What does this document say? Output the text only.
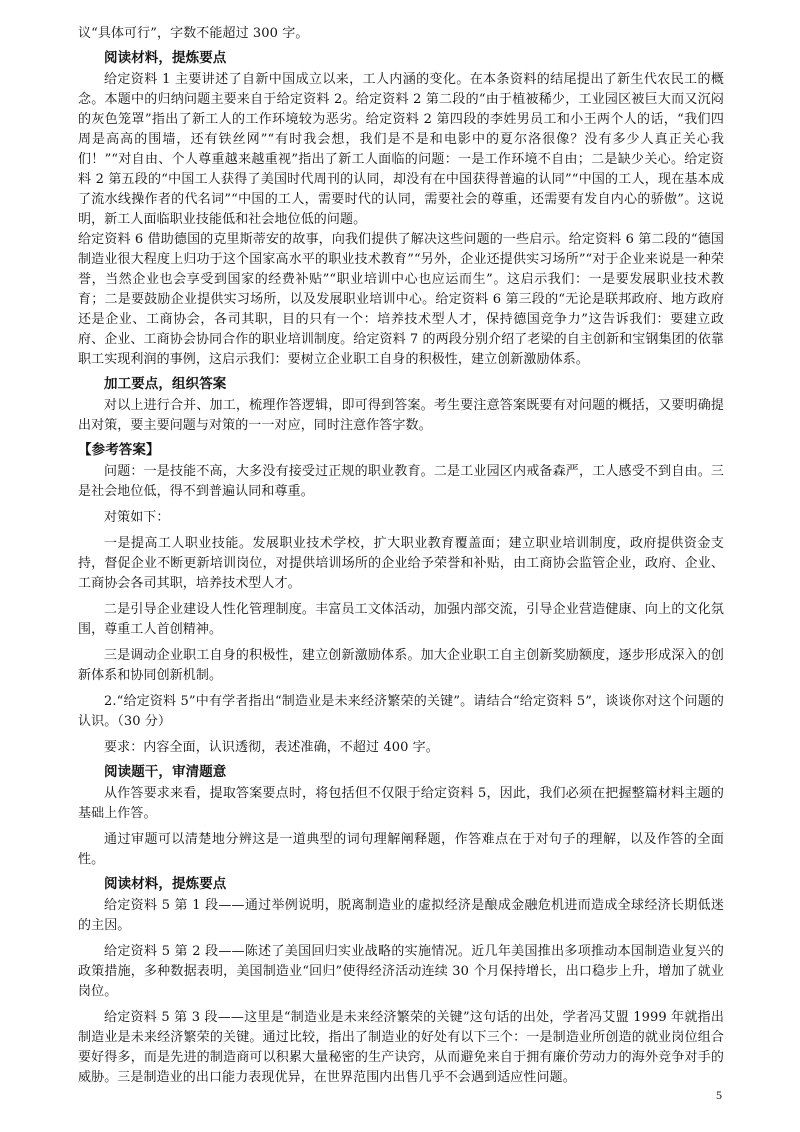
议“具体可行”，字数不能超过 300 字。

阅读材料，提炼要点

给定资料 1 主要讲述了自新中国成立以来，工人内涵的变化。在本条资料的结尾提出了新生代农民工的概念。本题中的归纳问题主要来自于给定资料 2。给定资料 2 第二段的“由于植被稀少，工业园区被巨大而又沉闷的灰色笼罩”指出了新工人的工作环境较为恶劣。给定资料 2 第四段的李姓男员工和小王两个人的话，“我们四周是高高的围墙，还有铁丝网”“有时我会想，我们是不是和电影中的夏尔洛很像？没有多少人真正关心我们！”“对自由、个人尊重越来越重视”指出了新工人面临的问题：一是工作环境不自由；二是缺少关心。给定资料 2 第五段的“中国工人获得了美国时代周刊的认同，却没有在中国获得普遍的认同”“中国的工人，现在基本成了流水线操作者的代名词”“中国的工人，需要时代的认同，需要社会的尊重，还需要有发自内心的骄傲”。这说明，新工人面临职业技能低和社会地位低的问题。

给定资料 6 借助德国的克里斯蒂安的故事，向我们提供了解决这些问题的一些启示。给定资料 6 第二段的“德国制造业很大程度上归功于这个国家高水平的职业技术教育”“另外，企业还提供实习场所”“对于企业来说是一种荣誉，当然企业也会享受到国家的经费补贴”“职业培训中心也应运而生”。这启示我们：一是要发展职业技术教育；二是要鼓励企业提供实习场所，以及发展职业培训中心。给定资料 6 第三段的“无论是联邦政府、地方政府还是企业、工商协会，各司其职，目的只有一个：培养技术型人才，保持德国竞争力”这告诉我们：要建立政府、企业、工商协会协同合作的职业培训制度。给定资料 7 的两段分别介绍了老梁的自主创新和宝钢集团的依靠职工实现利润的事例，这启示我们：要树立企业职工自身的积极性，建立创新激励体系。

加工要点，组织答案

对以上进行合并、加工，梳理作答逻辑，即可得到答案。考生要注意答案既要有对问题的概括，又要明确提出对策，要主要问题与对策的一一对应，同时注意作答字数。

【参考答案】

问题：一是技能不高，大多没有接受过正规的职业教育。二是工业园区内戒备森严，工人感受不到自由。三是社会地位低，得不到普遍认同和尊重。

对策如下：

一是提高工人职业技能。发展职业技术学校，扩大职业教育覆盖面；建立职业培训制度，政府提供资金支持，督促企业不断更新培训岗位，对提供培训场所的企业给予荣誉和补贴，由工商协会监管企业，政府、企业、工商协会各司其职，培养技术型人才。

二是引导企业建设人性化管理制度。丰富员工文体活动，加强内部交流，引导企业营造健康、向上的文化氛围，尊重工人首创精神。

三是调动企业职工自身的积极性，建立创新激励体系。加大企业职工自主创新奖励额度，逐步形成深入的创新体系和协同创新机制。

2.“给定资料 5”中有学者指出“制造业是未来经济繁荣的关键”。请结合“给定资料 5”，谈谈你对这个问题的认识。（30 分）

要求：内容全面，认识透彻，表述准确，不超过 400 字。

阅读题干，审清题意

从作答要求来看，提取答案要点时，将包括但不仅限于给定资料 5，因此，我们必须在把握整篇材料主题的基础上作答。

通过审题可以清楚地分辨这是一道典型的词句理解阐释题，作答难点在于对句子的理解，以及作答的全面性。

阅读材料，提炼要点

给定资料 5 第 1 段——通过举例说明，脱离制造业的虚拟经济是酿成金融危机进而造成全球经济长期低迷的主因。

给定资料 5 第 2 段——陈述了美国回归实业战略的实施情况。近几年美国推出多项推动本国制造业复兴的政策措施，多种数据表明，美国制造业“回归”使得经济活动连续 30 个月保持增长，出口稳步上升，增加了就业岗位。

给定资料 5 第 3 段——这里是“制造业是未来经济繁荣的关键”这句话的出处，学者冯艾盟 1999 年就指出制造业是未来经济繁荣的关键。通过比较，指出了制造业的好处有以下三个：一是制造业所创造的就业岗位组合要好得多，而是先进的制造商可以积累大量秘密的生产诀窍，从而避免来自于拥有廉价劳动力的海外竞争对手的威胁。三是制造业的出口能力表现优异，在世界范围内出售几乎不会遇到适应性问题。

5
